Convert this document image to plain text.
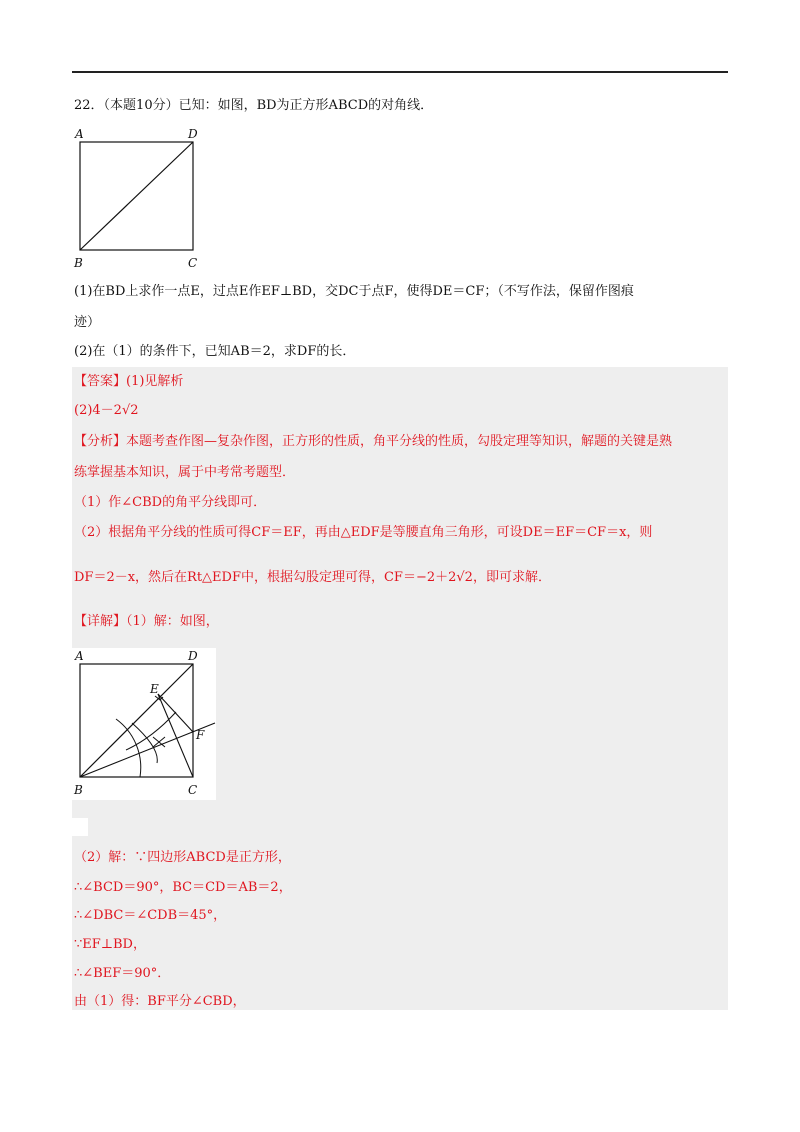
22．（本题10分）已知：如图，BD为正方形ABCD的对角线．
A	D
B	C
(1)在BD上求作一点E，过点E作EF⊥BD，交DC于点F，使得DE＝CF；（不写作法，保留作图痕
迹）
(2)在（1）的条件下，已知AB＝2，求DF的长．
【答案】(1)见解析
(2)4－2√2
【分析】本题考查作图—复杂作图，正方形的性质，角平分线的性质，勾股定理等知识，解题的关键是熟
练掌握基本知识，属于中考常考题型．
（1）作∠CBD的角平分线即可．
（2）根据角平分线的性质可得CF＝EF，再由△EDF是等腰直角三角形，可设DE＝EF＝CF＝x，则
DF＝2－x，然后在Rt△EDF中，根据勾股定理可得，CF＝−2＋2√2，即可求解．
【详解】（1）解：如图，
A	D
E
F
B	C
（2）解：∵四边形ABCD是正方形，
∴∠BCD＝90°，BC＝CD＝AB＝2，
∴∠DBC＝∠CDB＝45°，
∵EF⊥BD，
∴∠BEF＝90°．
由（1）得：BF平分∠CBD，
